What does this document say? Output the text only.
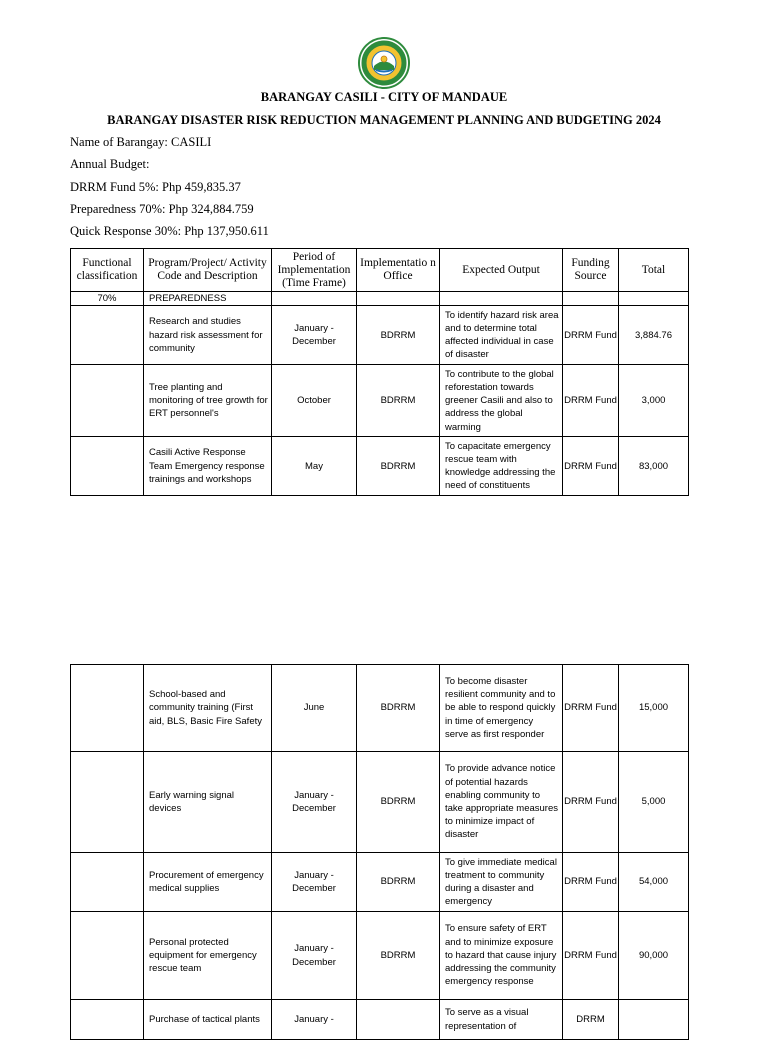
BARANGAY CASILI - CITY OF MANDAUE
BARANGAY DISASTER RISK REDUCTION MANAGEMENT PLANNING AND BUDGETING 2024
Name of Barangay: CASILI
Annual Budget:
DRRM Fund 5%: Php 459,835.37
Preparedness 70%: Php 324,884.759
Quick Response 30%: Php 137,950.611
Functional classification	Program/Project/ Activity Code and Description	Period of Implementation (Time Frame)	Implementatio n Office	Expected Output	Funding Source	Total
70%	PREPAREDNESS					
	Research and studies hazard risk assessment for community	January - December	BDRRM	To identify hazard risk area and to determine total affected individual in case of disaster	DRRM Fund	3,884.76
	Tree planting and monitoring of tree growth for ERT personnel's	October	BDRRM	To contribute to the global reforestation towards greener Casili and also to address the global warming	DRRM Fund	3,000
	Casili Active Response Team Emergency response trainings and workshops	May	BDRRM	To capacitate emergency rescue team with knowledge addressing the need of constituents	DRRM Fund	83,000
	School-based and community training (First aid, BLS, Basic Fire Safety	June	BDRRM	To become disaster resilient community and to be able to respond quickly in time of emergency serve as first responder	DRRM Fund	15,000
	Early warning signal devices	January - December	BDRRM	To provide advance notice of potential hazards enabling community to take appropriate measures to minimize impact of disaster	DRRM Fund	5,000
	Procurement of emergency medical supplies	January - December	BDRRM	To give immediate medical treatment to community during a disaster and emergency	DRRM Fund	54,000
	Personal protected equipment for emergency rescue team	January - December	BDRRM	To ensure safety of ERT and to minimize exposure to hazard that cause injury addressing the community emergency response	DRRM Fund	90,000
	Purchase of tactical plants	January -		To serve as a visual representation of	DRRM	
